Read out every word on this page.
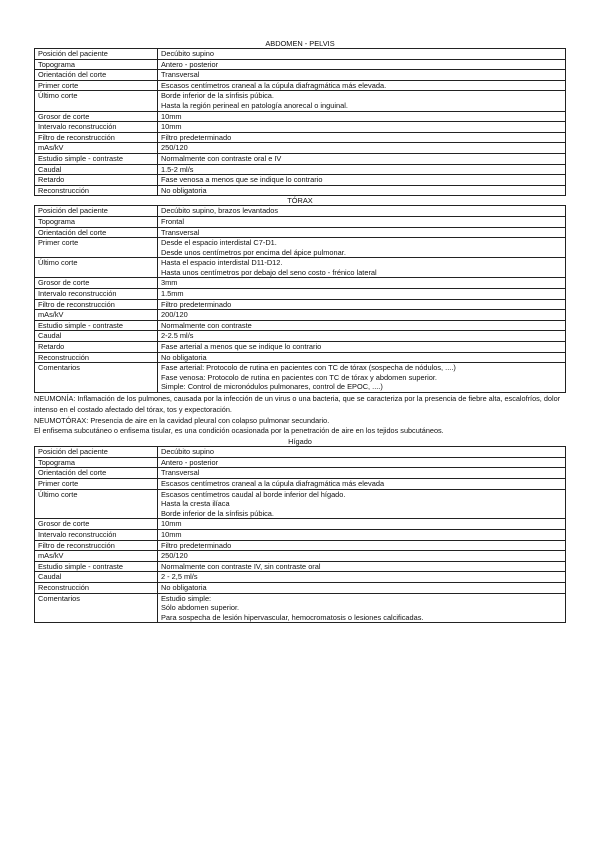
ABDOMEN - PELVIS
Posición del paciente	Decúbito supino

Topograma	Antero - posterior

Orientación del corte	Transversal

Primer corte	Escasos centímetros craneal a la cúpula diafragmática más elevada.

Último corte	Borde inferior de la sínfisis púbica.
Hasta la región perineal en patología anorecal o inguinal.

Grosor de corte	10mm

Intervalo reconstrucción	10mm

Filtro de reconstrucción	Filtro predeterminado

mAs/kV	250/120

Estudio simple - contraste	Normalmente con contraste oral e IV

Caudal	1.5-2 ml/s

Retardo	Fase venosa a menos que se indique lo contrario

Reconstrucción	No obligatoria
TÓRAX
Posición del paciente	Decúbito supino, brazos levantados

Topograma	Frontal

Orientación del corte	Transversal

Primer corte	Desde el espacio interdistal C7-D1.
Desde unos centímetros por encima del ápice pulmonar.

Último corte	Hasta el espacio interdistal D11-D12.
Hasta unos centímetros por debajo del seno costo - frénico lateral

Grosor de corte	3mm

Intervalo reconstrucción	1.5mm

Filtro de reconstrucción	Filtro predeterminado

mAs/kV	200/120

Estudio simple - contraste	Normalmente con contraste

Caudal	2-2.5 ml/s

Retardo	Fase arterial a menos que se indique lo contrario

Reconstrucción	No obligatoria

Comentarios	Fase arterial: Protocolo de rutina en pacientes con TC de tórax (sospecha de nódulos, ....)
Fase venosa: Protocolo de rutina en pacientes con TC de tórax y abdomen superior.
Simple: Control de micronódulos pulmonares, control de EPOC, ....)

NEUMONÍA: Inflamación de los pulmones, causada por la infección de un virus o una bacteria, que se caracteriza por la presencia de fiebre alta, escalofríos, dolor intenso en el costado afectado del tórax, tos y expectoración.

NEUMOTÓRAX: Presencia de aire en la cavidad pleural con colapso pulmonar secundario.

El enfisema subcutáneo o enfisema tisular, es una condición ocasionada por la penetración de aire en los tejidos subcutáneos.

Hígado
Posición del paciente	Decúbito supino

Topograma	Antero - posterior

Orientación del corte	Transversal

Primer corte	Escasos centímetros craneal a la cúpula diafragmática más elevada

Último corte	Escasos centímetros caudal al borde inferior del hígado.
Hasta la cresta ilíaca
Borde inferior de la sínfisis púbica.

Grosor de corte	10mm

Intervalo reconstrucción	10mm

Filtro de reconstrucción	Filtro predeterminado

mAs/kV	250/120

Estudio simple - contraste	Normalmente con contraste IV, sin contraste oral

Caudal	2 - 2,5 ml/s

Reconstrucción	No obligatoria

Comentarios	Estudio simple:
Sólo abdomen superior.
Para sospecha de lesión hipervascular, hemocromatosis o lesiones calcificadas.
